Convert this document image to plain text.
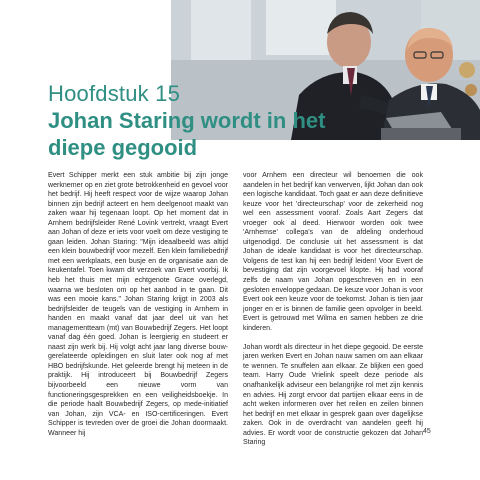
Hoofdstuk 15
Johan Staring wordt in het diepe gegooid

Evert Schipper merkt een stuk ambitie bij zijn jonge werknemer op en ziet grote betrokkenheid en gevoel voor het bedrijf. Hij heeft respect voor de wijze waarop Johan binnen zijn bedrijf acteert en hem deelgenoot maakt van zaken waar hij tegenaan loopt. Op het moment dat in Arnhem bedrijfsleider René Lovink vertrekt, vraagt Evert aan Johan of deze er iets voor voelt om deze vestiging te gaan leiden. Johan Staring: "Mijn ideaalbeeld was altijd een klein bouwbedrijf voor mezelf. Een klein familiebedrijf met een werkplaats, een busje en de organisatie aan de keukentafel. Toen kwam dit verzoek van Evert voorbij. Ik heb het thuis met mijn echtgenote Grace overlegd, waarna we besloten om op het aanbod in te gaan. Dit was een mooie kans." Johan Staring krijgt in 2003 als bedrijfsleider de teugels van de vestiging in Arnhem in handen en maakt vanaf dat jaar deel uit van het managementteam (mt) van Bouwbedrijf Zegers. Het loopt vanaf dag één goed. Johan is leergierig en studeert er naast zijn werk bij. Hij volgt acht jaar lang diverse bouw-gerelateerde opleidingen en sluit later ook nog af met HBO bedrijfskunde. Het geleerde brengt hij meteen in de praktijk. Hij introduceert bij Bouwbedrijf Zegers bijvoorbeeld een nieuwe vorm van functioneringsgesprekken en een veiligheidsboekje. In die periode haalt Bouwbedrijf Zegers, op mede-initiatief van Johan, zijn VCA- en ISO-certificeringen. Evert Schipper is tevreden over de groei die Johan doormaakt. Wanneer hij

voor Arnhem een directeur wil benoemen die ook aandelen in het bedrijf kan verwerven, lijkt Johan dan ook een logische kandidaat. Toch gaat er aan deze definitieve keuze voor het 'directeurschap' voor de zekerheid nog wel een assessment vooraf. Zoals Aart Zegers dat vroeger ook al deed. Hierwoor worden ook twee 'Arnhemse' collega's van de afdeling onderhoud uitgenodigd. De conclusie uit het assessment is dat Johan de ideale kandidaat is voor het directeurschap. Volgens de test kan hij een bedrijf leiden! Voor Evert de bevestiging dat zijn voorgevoel klopte. Hij had vooraf zelfs de naam van Johan opgeschreven en in een gesloten enveloppe gedaan. De keuze voor Johan is voor Evert ook een keuze voor de toekomst. Johan is tien jaar jonger en er is binnen de familie geen opvolger in beeld. Evert is getrouwd met Wilma en samen hebben ze drie kinderen.

Johan wordt als directeur in het diepe gegooid. De eerste jaren werken Evert en Johan nauw samen om aan elkaar te wennen. Te snuffelen aan elkaar. Ze blijken een goed team. Harry Oude Vrielink speelt deze periode als onafhankelijk adviseur een belangrijke rol met zijn kennis en advies. Hij zorgt ervoor dat partijen elkaar eens in de acht weken informeren over het reilen en zeilen binnen het bedrijf en met elkaar in gesprek gaan over dagelijkse zaken. Ook in de overdracht van aandelen geeft hij advies. Er wordt voor de constructie gekozen dat Johan Staring

45
